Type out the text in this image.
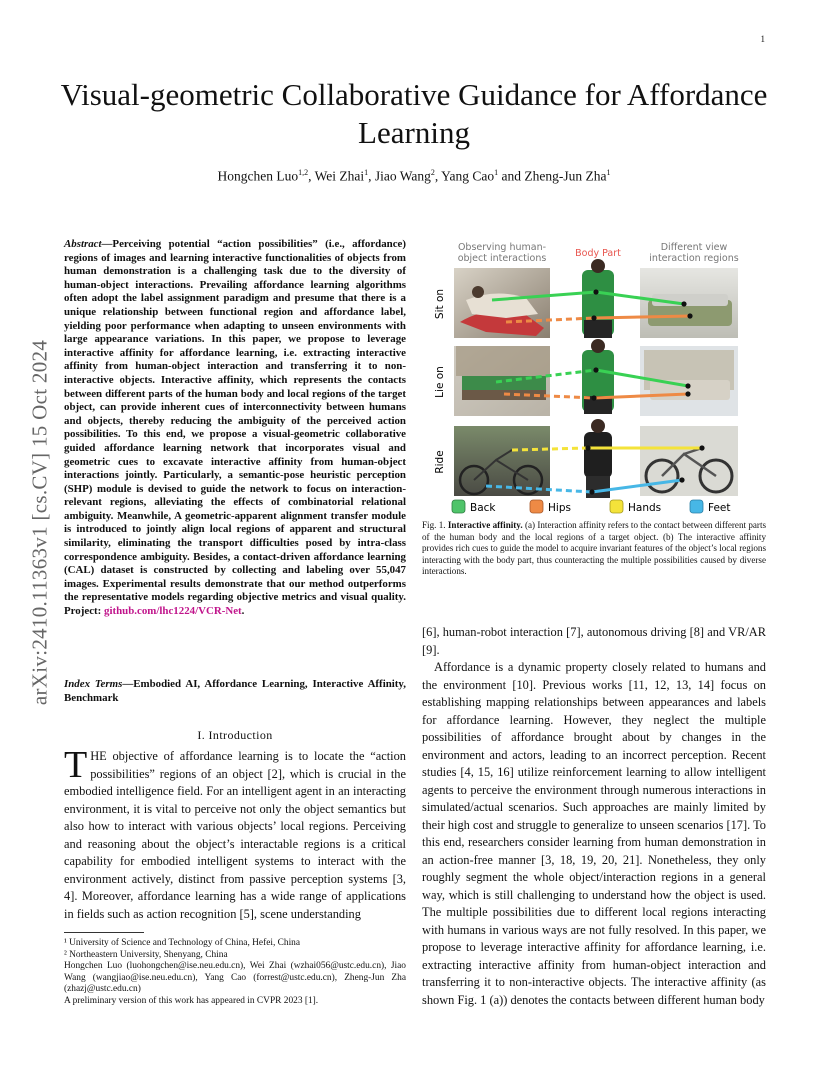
1
arXiv:2410.11363v1 [cs.CV] 15 Oct 2024
Visual-geometric Collaborative Guidance for Affordance Learning
Hongchen Luo$^{1,2}$, Wei Zhai$^1$, Jiao Wang$^2$, Yang Cao$^1$ and Zheng-Jun Zha$^1$
Abstract—Perceiving potential “action possibilities” (i.e., affordance) regions of images and learning interactive functionalities of objects from human demonstration is a challenging task due to the diversity of human-object interactions. Prevailing affordance learning algorithms often adopt the label assignment paradigm and presume that there is a unique relationship between functional region and affordance label, yielding poor performance when adapting to unseen environments with large appearance variations. In this paper, we propose to leverage interactive affinity for affordance learning, i.e. extracting interactive affinity from human-object interaction and transferring it to non-interactive objects. Interactive affinity, which represents the contacts between different parts of the human body and local regions of the target object, can provide inherent cues of interconnectivity between humans and objects, thereby reducing the ambiguity of the perceived action possibilities. To this end, we propose a visual-geometric collaborative guided affordance learning network that incorporates visual and geometric cues to excavate interactive affinity from human-object interactions jointly. Particularly, a semantic-pose heuristic perception (SHP) module is devised to guide the network to focus on interaction-relevant regions, alleviating the effects of combinatorial relational ambiguity. Meanwhile, A geometric-apparent alignment transfer module is introduced to jointly align local regions of apparent and structural similarity, eliminating the transport difficulties posed by intra-class correspondence ambiguity. Besides, a contact-driven affordance learning (CAL) dataset is constructed by collecting and labeling over 55,047 images. Experimental results demonstrate that our method outperforms the representative models regarding objective metrics and visual quality. Project: github.com/lhc1224/VCR-Net.
Index Terms—Embodied AI, Affordance Learning, Interactive Affinity, Benchmark
I. Introduction
THE objective of affordance learning is to locate the “action possibilities” regions of an object [2], which is crucial in the embodied intelligence field. For an intelligent agent in an interacting environment, it is vital to perceive not only the object semantics but also how to interact with various objects’ local regions. Perceiving and reasoning about the object’s interactable regions is a critical capability for embodied intelligent systems to interact with the environment actively, distinct from passive perception systems [3, 4]. Moreover, affordance learning has a wide range of applications in fields such as action recognition [5], scene understanding
¹ University of Science and Technology of China, Hefei, China
² Northeastern University, Shenyang, China
Hongchen Luo (luohongchen@ise.neu.edu.cn), Wei Zhai (wzhai056@ustc.edu.cn), Jiao Wang (wangjiao@ise.neu.edu.cn), Yang Cao (forrest@ustc.edu.cn), Zheng-Jun Zha (zhazj@ustc.edu.cn)
A preliminary version of this work has appeared in CVPR 2023 [1].
Observing human-object interactions	Body Part
Different view interaction regions
Sit on
Lie on
Ride
Back	Hips	Hands	Feet
Fig. 1. Interactive affinity. (a) Interaction affinity refers to the contact between different parts of the human body and the local regions of a target object. (b) The interactive affinity provides rich cues to guide the model to acquire invariant features of the object’s local regions interacting with the body part, thus counteracting the multiple possibilities caused by diverse interactions.
[6], human-robot interaction [7], autonomous driving [8] and VR/AR [9].
Affordance is a dynamic property closely related to humans and the environment [10]. Previous works [11, 12, 13, 14] focus on establishing mapping relationships between appearances and labels for affordance learning. However, they neglect the multiple possibilities of affordance brought about by changes in the environment and actors, leading to an incorrect perception. Recent studies [4, 15, 16] utilize reinforcement learning to allow intelligent agents to perceive the environment through numerous interactions in simulated/actual scenarios. Such approaches are mainly limited by their high cost and struggle to generalize to unseen scenarios [17]. To this end, researchers consider learning from human demonstration in an action-free manner [3, 18, 19, 20, 21]. Nonetheless, they only roughly segment the whole object/interaction regions in a general way, which is still challenging to understand how the object is used. The multiple possibilities due to different local regions interacting with humans in various ways are not fully resolved. In this paper, we propose to leverage interactive affinity for affordance learning, i.e. extracting interactive affinity from human-object interaction and transferring it to non-interactive objects. The interactive affinity (as shown Fig. 1 (a)) denotes the contacts between different human body
